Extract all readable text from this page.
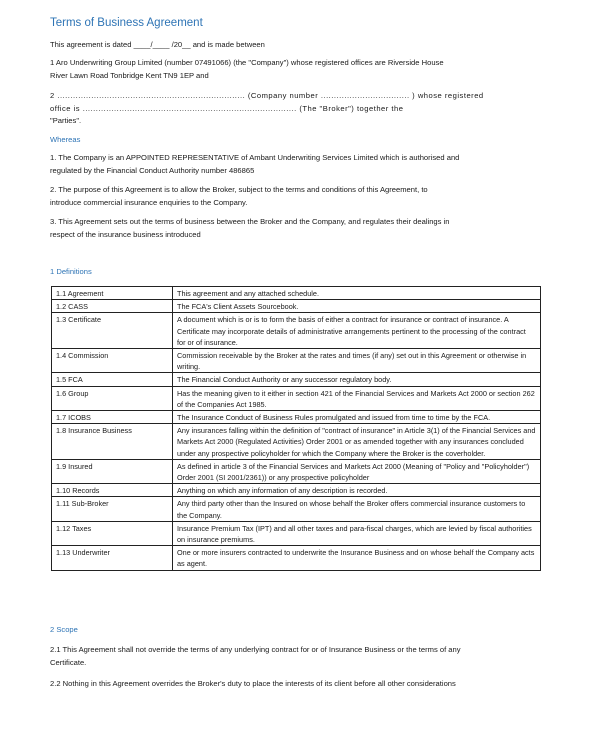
Terms of Business Agreement
This agreement is dated ____/____ /20__ and is made between
1 Aro Underwriting Group Limited (number 07491066) (the "Company") whose registered offices are Riverside House
River Lawn Road Tonbridge Kent TN9 1EP and
2 ........................................................................ (Company number .................................. ) whose registered
office is .................................................................................. (The "Broker") together the
"Parties".
Whereas
1. The Company is an APPOINTED REPRESENTATIVE of Ambant Underwriting Services Limited which is authorised and
regulated by the Financial Conduct Authority number 486865
2. The purpose of this Agreement is to allow the Broker, subject to the terms and conditions of this Agreement, to
introduce commercial insurance enquiries to the Company.
3. This Agreement sets out the terms of business between the Broker and the Company, and regulates their dealings in
respect of the insurance business introduced
1 Definitions
1.1 Agreement	This agreement and any attached schedule.
1.2 CASS	The FCA's Client Assets Sourcebook.
1.3 Certificate	A document which is or is to form the basis of either a contract for insurance or contract of insurance. A Certificate may incorporate details of administrative arrangements pertinent to the processing of the contract for or of insurance.
1.4 Commission	Commission receivable by the Broker at the rates and times (if any) set out in this Agreement or otherwise in writing.
1.5 FCA	The Financial Conduct Authority or any successor regulatory body.
1.6 Group	Has the meaning given to it either in section 421 of the Financial Services and Markets Act 2000 or section 262 of the Companies Act 1985.
1.7 ICOBS	The Insurance Conduct of Business Rules promulgated and issued from time to time by the FCA.
1.8 Insurance Business	Any insurances falling within the definition of "contract of insurance" in Article 3(1) of the Financial Services and Markets Act 2000 (Regulated Activities) Order 2001 or as amended together with any insurances concluded under any prospective policyholder for which the Company where the Broker is the coverholder.
1.9 Insured	As defined in article 3 of the Financial Services and Markets Act 2000 (Meaning of "Policy and "Policyholder") Order 2001 (SI 2001/2361)) or any prospective policyholder
1.10 Records	Anything on which any information of any description is recorded.
1.11 Sub-Broker	Any third party other than the Insured on whose behalf the Broker offers commercial insurance customers to the Company.
1.12 Taxes	Insurance Premium Tax (IPT) and all other taxes and para-fiscal charges, which are levied by fiscal authorities on insurance premiums.
1.13 Underwriter	One or more insurers contracted to underwrite the Insurance Business and on whose behalf the Company acts as agent.
2 Scope
2.1 This Agreement shall not override the terms of any underlying contract for or of Insurance Business or the terms of any
Certificate.
2.2 Nothing in this Agreement overrides the Broker's duty to place the interests of its client before all other considerations
